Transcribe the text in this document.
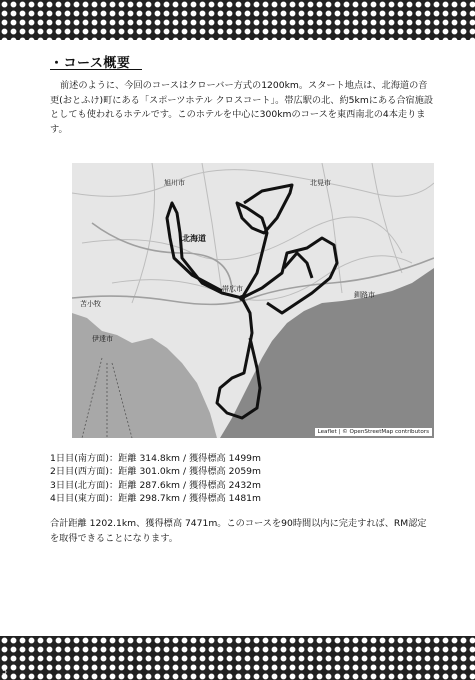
・コース概要

前述のように、今回のコースはクローバー方式の1200km。スタート地点は、北海道の音更(おとふけ)町にある「スポーツホテル クロスコート」。帯広駅の北、約5kmにある合宿施設としても使われるホテルです。このホテルを中心に300kmのコースを東西南北の4本走ります。

北海道
帯広市
釧路市
苫小牧
北見市
旭川市
伊達市
Leaflet | © OpenStreetMap contributors
1日目(南方面)：距離 314.8km / 獲得標高 1499m
2日目(西方面)：距離 301.0km / 獲得標高 2059m
3日目(北方面)：距離 287.6km / 獲得標高 2432m
4日目(東方面)：距離 298.7km / 獲得標高 1481m

合計距離 1202.1km、獲得標高 7471m。このコースを90時間以内に完走すれば、RM認定を取得できることになります。

5
